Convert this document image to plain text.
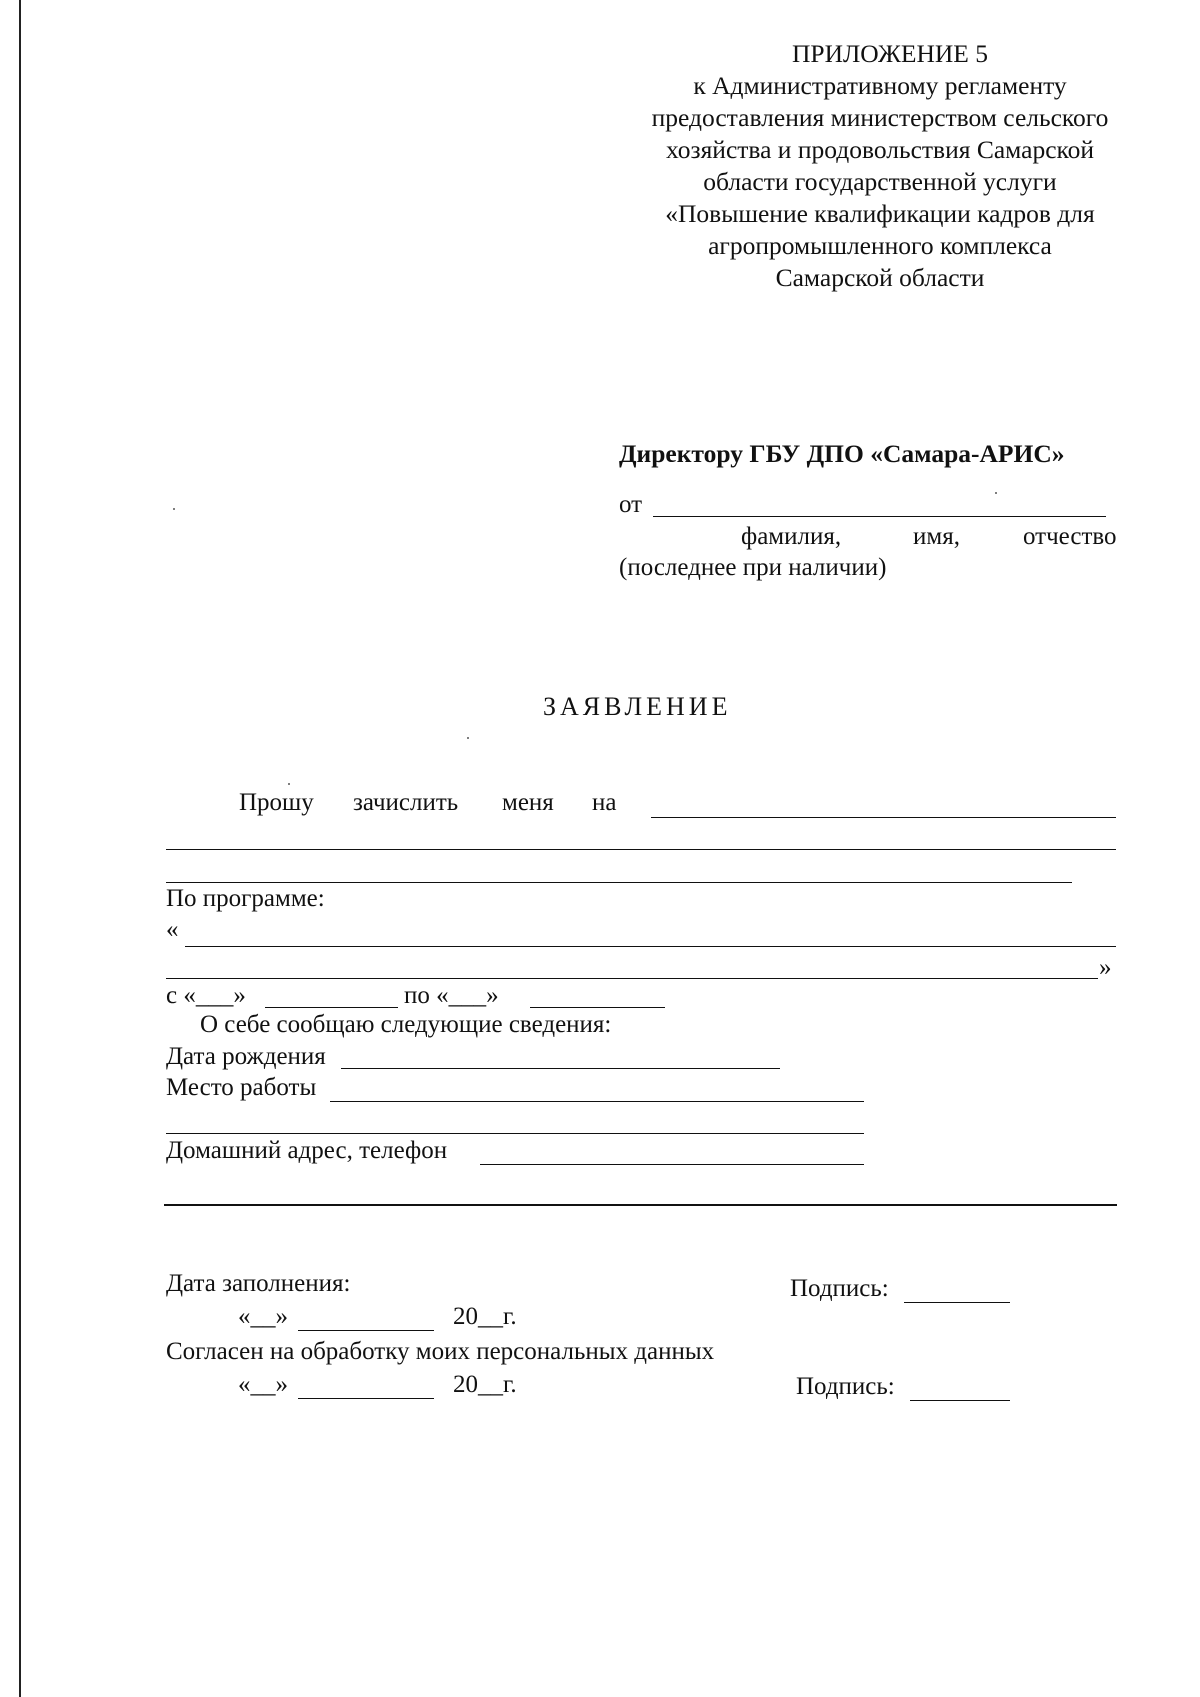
ПРИЛОЖЕНИЕ 5
к Административному регламенту
предоставления министерством сельского
хозяйства и продовольствия Самарской
области государственной услуги
«Повышение квалификации кадров для
агропромышленного комплекса
Самарской области
Директору ГБУ ДПО «Самара-АРИС»
от
фамилия,	имя,	отчество
(последнее при наличии)
ЗАЯВЛЕНИЕ
Прошу зачислить меня на
По программе:
«
»
с «___»	по «___»
О себе сообщаю следующие сведения:
Дата рождения
Место работы
Домашний адрес, телефон
Дата заполнения:	Подпись:
«__»	20__г.
Согласен на обработку моих персональных данных
«__»	20__г.	Подпись:
